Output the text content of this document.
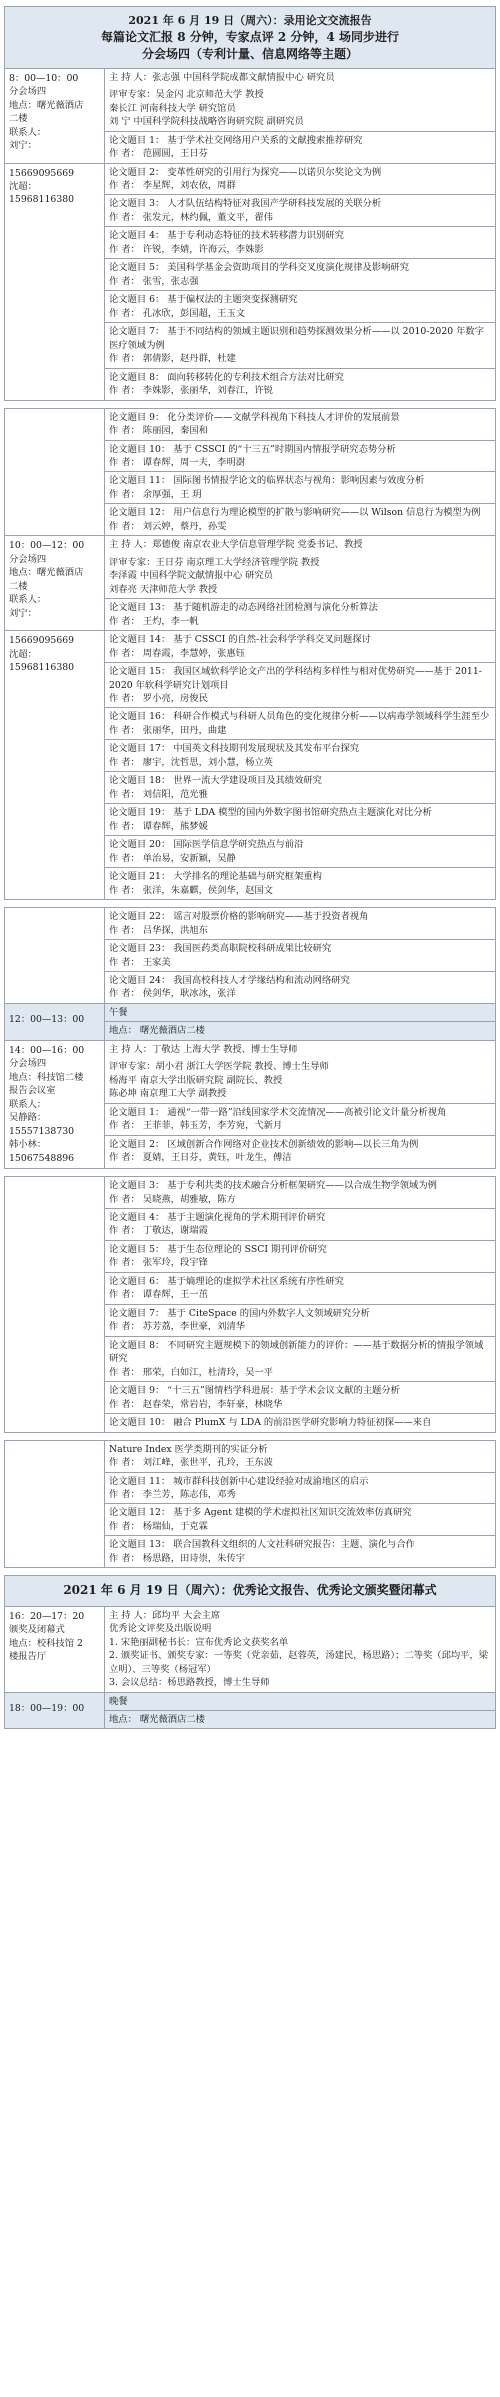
2021 年 6 月 19 日（周六）：录用论文交流报告
每篇论文汇报 8 分钟，专家点评 2 分钟，4 场同步进行
分会场四（专利计量、信息网络等主题）
8：00—10：00
分会场四
地点：曙光薇酒店
二楼
联系人：
刘宁：
主 持 人：张志强 中国科学院成都文献情报中心 研究员
评审专家：吴金闪 北京师范大学 教授
秦长江 河南科技大学 研究馆员
刘 宁 中国科学院科技战略咨询研究院 副研究员
论文题目 1： 基于学术社交网络用户关系的文献搜索推荐研究
作 者： 范圆圆，王日芬
15669095669
沈超：
15968116380
论文题目 2： 变革性研究的引用行为探究——以诺贝尔奖论文为例
作 者： 李星辉，刘农依，周群
论文题目 3： 人才队伍结构特征对我国产学研科技发展的关联分析
作 者： 张发元，林约佩，董文平，翟伟
论文题目 4： 基于专利动态特征的技术转移潜力识别研究
作 者： 许锐，李婧，许海云，李姝影
论文题目 5： 美国科学基金会资助项目的学科交叉度演化规律及影响研究
作 者： 张雪，张志强
论文题目 6： 基于偏权法的主题突变探测研究
作 者： 孔冰欣，彭国超，王玉文
论文题目 7： 基于不同结构的领域主题识别和趋势探测效果分析——以 2010-2020 年数字医疗领域为例
作 者： 郭倩影，赵丹群，杜建
论文题目 8： 面向转移转化的专利技术组合方法对比研究
作 者： 李姝影，张丽华，刘春江，许锐
论文题目 9： 化分类评价——文献学科视角下科技人才评价的发展前景
作 者： 陈丽园，秦国和
论文题目 10： 基于 CSSCI 的“十三五”时期国内情报学研究态势分析
作 者： 谭春辉，周一夫，李明澍
论文题目 11： 国际图书情报学论文的临界状态与视角：影响因素与效度分析
作 者： 余厚强，王 玥
论文题目 12： 用户信息行为理论模型的扩散与影响研究——以 Wilson 信息行为模型为例
作 者： 刘云婷，蔡丹，孙雯
10：00—12：00
分会场四
地点：曙光薇酒店
二楼
联系人：
刘宁：
主 持 人：郑德俊 南京农业大学信息管理学院 党委书记、教授
评审专家：王日芬 南京理工大学经济管理学院 教授
李泽霞 中国科学院文献情报中心 研究员
刘春亮 天津师范大学 教授
论文题目 13： 基于随机游走的动态网络社团检测与演化分析算法
作 者： 王灼，李一帆
15669095669
沈超：
15968116380
论文题目 14： 基于 CSSCI 的自然-社会科学学科交叉问题探讨
作 者： 周春霞，李慧婷，张惠钰
论文题目 15： 我国区域软科学论文产出的学科结构多样性与相对优势研究——基于 2011-2020 年软科学研究计划项目
作 者： 罗小亮，房俊民
论文题目 16： 科研合作模式与科研人员角色的变化规律分析——以病毒学领域科学生涯至少
作 者： 张丽华，田丹，曲建
论文题目 17： 中国英文科技期刊发展现状及其发布平台探究
作 者： 廖宇，沈哲思，刘小慧，杨立英
论文题目 18： 世界一流大学建设项目及其绩效研究
作 者： 刘信阳，范光雅
论文题目 19： 基于 LDA 模型的国内外数字图书馆研究热点主题演化对比分析
作 者： 谭春辉，熊梦媛
论文题目 20： 国际医学信息学研究热点与前沿
作 者： 单治易，安新颖，吴静
论文题目 21： 大学排名的理论基础与研究框架重构
作 者： 张洋，朱嘉麒，侯剑华，赵国文
论文题目 22： 谣言对股票价格的影响研究——基于投资者视角
作 者： 吕华探，洪旭东
论文题目 23： 我国医药类高职院校科研成果比较研究
作 者： 王家美
论文题目 24： 我国高校科技人才学缘结构和流动网络研究
作 者： 侯剑华，耿冰冰，张洋
12：00—13：00
午餐
地点： 曙光薇酒店二楼
14：00—16：00
分会场四
地点：科技馆二楼
报告会议室
联系人：
吴静路：
15557138730
韩小林：
15067548896
主 持 人：丁敬达 上海大学 教授、博士生导师
评审专家：胡小君 浙江大学医学院 教授、博士生导师
杨海平 南京大学出版研究院 副院长、教授
陈必坤 南京理工大学 副教授
论文题目 1： 通视“一带一路”沿线国家学术交流情况——高被引论文计量分析视角
作 者： 王菲菲，韩玉芳，李芳宛，弋新月
论文题目 2： 区域创新合作网络对企业技术创新绩效的影响—以长三角为例
作 者： 夏婧，王日芬，黄钰，叶龙生，傅洁
论文题目 3： 基于专利共类的技术融合分析框架研究——以合成生物学领域为例
作 者： 吴晓燕，胡雅敏，陈方
论文题目 4： 基于主题演化视角的学术期刊评价研究
作 者： 丁敬达，谢瑞霞
论文题目 5： 基于生态位理论的 SSCI 期刊评价研究
作 者： 张军玲，段宇锋
论文题目 6： 基于熵理论的虚拟学术社区系统有序性研究
作 者： 谭春辉，王一茁
论文题目 7： 基于 CiteSpace 的国内外数字人文领域研究分析
作 者： 苏芳荔，李世豪，刘清华
论文题目 8： 不同研究主题规模下的领域创新能力的评价：——基于数据分析的情报学领域研究
作 者： 邢荣，白如江，杜清玲，吴一平
论文题目 9： “十三五”图情档学科进展：基于学术会议文献的主题分析
作 者： 赵春荣，常岩岩，李轩豪，林晓华
论文题目 10： 融合 PlumX 与 LDA 的前沿医学研究影响力特征初探——来自
Nature Index 医学类期刊的实证分析
作 者： 刘江峰，张世平，孔玲，王东波
论文题目 11： 城市群科技创新中心建设经验对成渝地区的启示
作 者： 李兰芳，陈志伟，邓秀
论文题目 12： 基于多 Agent 建模的学术虚拟社区知识交流效率仿真研究
作 者： 杨瑞仙，于克霖
论文题目 13： 联合国教科文组织的人文社科研究报告：主题、演化与合作
作 者： 杨思路，田诗崇，朱传宇
2021 年 6 月 19 日（周六）：优秀论文报告、优秀论文颁奖暨闭幕式
16：20—17：20
颁奖及闭幕式
地点：校科技馆 2
楼报告厅
主 持 人：邱均平 大会主席
优秀论文评奖及出版说明
1. 宋艳丽副秘书长：宣布优秀论文获奖名单
2. 颁奖证书、颁奖专家：一等奖（党亲茹，赵蓉英，汤建民，杨思路）；二等奖（邱均平，梁立明）、三等奖（杨冠军）
3. 会议总结：杨思路教授，博士生导师
18：00—19：00
晚餐
地点： 曙光薇酒店二楼
